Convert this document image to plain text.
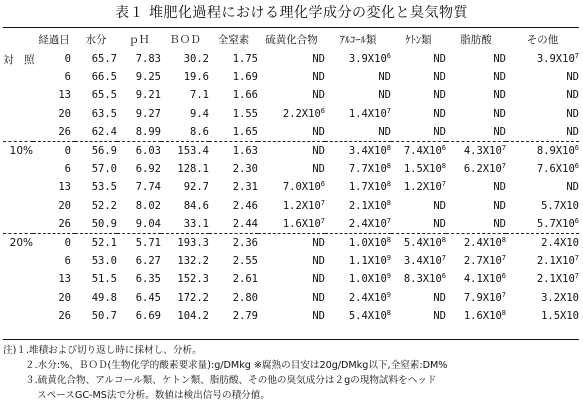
表１ 堆肥化過程における理化学成分の変化と臭気物質
	経過日	水分	ｐＨ	ＢＯＤ	全窒素	硫黄化合物	ｱﾙｺｰﾙ類	ｹﾄﾝ類	脂肪酸	その他
対　照	0	65.7	7.83	30.2	1.75	ND	$3.9X10^6$	ND	ND	$3.9X10^7$
	6	66.5	9.25	19.6	1.69	ND	ND	ND	ND	ND
	13	65.5	9.21	7.1	1.66	ND	ND	ND	ND	ND
	20	63.5	9.27	9.4	1.55	$2.2X10^6$	$1.4X10^7$	ND	ND	ND
	26	62.4	8.99	8.6	1.65	ND	ND	ND	ND	ND
10%	0	56.9	6.03	153.4	1.63	ND	$3.4X10^8$	$7.4X10^6$	$4.3X10^7$	$8.9X10^6$
	6	57.0	6.92	128.1	2.30	ND	$7.7X10^8$	$1.5X10^8$	$6.2X10^7$	$7.6X10^6$
	13	53.5	7.74	92.7	2.31	$7.0X10^6$	$1.7X10^8$	$1.2X10^7$	ND	ND
	20	52.2	8.02	84.6	2.46	$1.2X10^7$	$2.1X10^8$	ND	ND	5.7X10
	26	50.9	9.04	33.1	2.44	$1.6X10^7$	$2.4X10^7$	ND	ND	$5.7X10^6$
20%	0	52.1	5.71	193.3	2.36	ND	$1.0X10^8$	$5.4X10^8$	$2.4X10^8$	2.4X10
	6	53.0	6.27	132.2	2.55	ND	$1.1X10^9$	$3.4X10^7$	$2.7X10^7$	$2.1X10^7$
	13	51.5	6.35	152.3	2.61	ND	$1.0X10^9$	$8.3X10^6$	$4.1X10^6$	$2.1X10^7$
	20	49.8	6.45	172.2	2.80	ND	$2.4X10^9$	ND	$7.9X10^7$	3.2X10
	26	50.7	6.69	104.2	2.79	ND	$5.4X10^8$	ND	$1.6X10^8$	1.5X10
注)１.堆積および切り返し時に採材し、分析。
２.水分:%、ＢＯＤ(生物化学的酸素要求量):g/DMkg ※腐熟の目安は20g/DMkg以下,全窒素:DM%
３.硫黄化合物、アルコール類、ケトン類、脂肪酸、その他の臭気成分は２gの現物試料をヘッド
スペースGC-MS法で分析。数値は検出信号の積分値。
